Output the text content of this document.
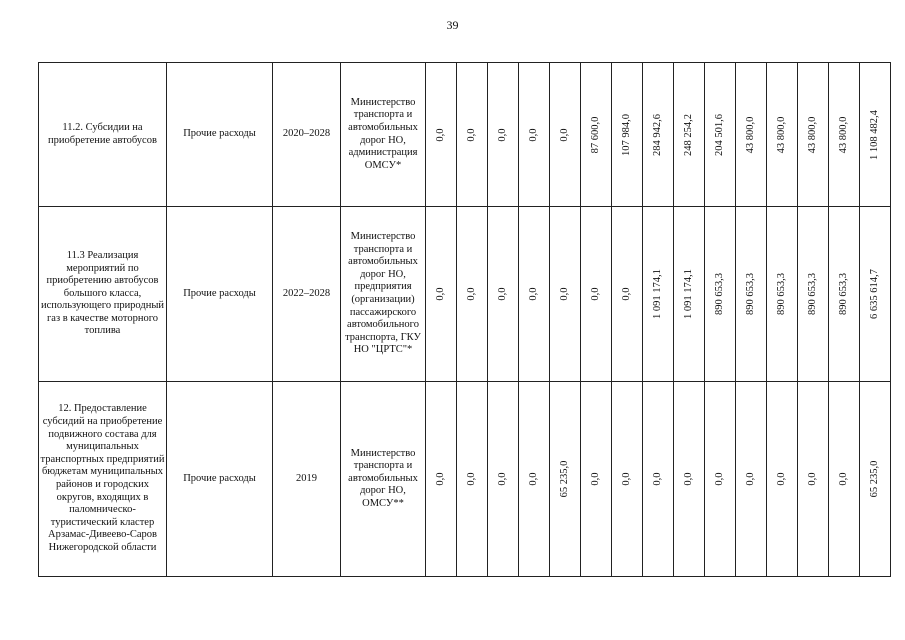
39
11.2. Субсидии на приобретение автобусов	Прочие расходы	2020–2028	Министерство транспорта и автомобильных дорог НО, администрация ОМСУ*	0,0	0,0	0,0	0,0	0,0	87 600,0	107 984,0	284 942,6	248 254,2	204 501,6	43 800,0	43 800,0	43 800,0	43 800,0	1 108 482,4

11.3 Реализация мероприятий по приобретению автобусов большого класса, использующего природный газ в качестве моторного топлива	Прочие расходы	2022–2028	Министерство транспорта и автомобильных дорог НО, предприятия (организации) пассажирского автомобильного транспорта, ГКУ НО "ЦРТС"*	0,0	0,0	0,0	0,0	0,0	0,0	0,0	1 091 174,1	1 091 174,1	890 653,3	890 653,3	890 653,3	890 653,3	890 653,3	6 635 614,7

12. Предоставление субсидий на приобретение подвижного состава для муниципальных транспортных предприятий бюджетам муниципальных районов и городских округов, входящих в паломническо-туристический кластер Арзамас-Дивеево-Саров Нижегородской области	Прочие расходы	2019	Министерство транспорта и автомобильных дорог НО, ОМСУ**	0,0	0,0	0,0	0,0	65 235,0	0,0	0,0	0,0	0,0	0,0	0,0	0,0	0,0	0,0	65 235,0
